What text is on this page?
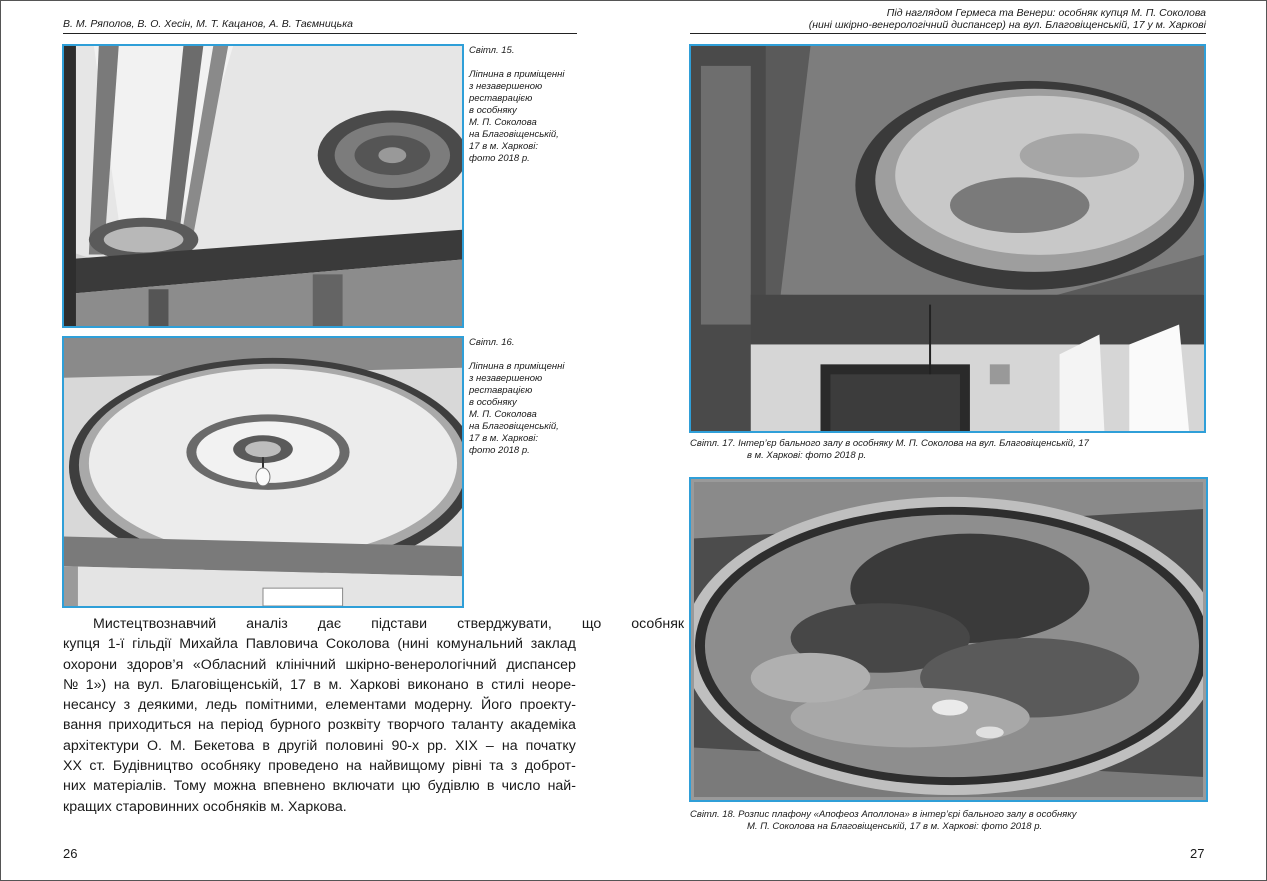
В. М. Ряполов, В. О. Хесін, М. Т. Кацанов, А. В. Таємницька
Світл. 15.
Ліпнина в приміщенні
з незавершеною
реставрацією
в особняку
М. П. Соколова
на Благовіщенській,
17 в м. Харкові:
фото 2018 р.
Світл. 16.
Ліпнина в приміщенні
з незавершеною
реставрацією
в особняку
М. П. Соколова
на Благовіщенській,
17 в м. Харкові:
фото 2018 р.
Мистецтвознавчий	аналіз	дає	підстави	стверджувати,	що	особняк
купця 1-ї гільдії Михайла Павловича Соколова (нині комунальний заклад
охорони здоров’я «Обласний клінічний шкірно-венерологічний диспансер
№ 1») на вул. Благовіщенській, 17 в м. Харкові виконано в стилі неоре-
несансу з деякими, ледь помітними, елементами модерну. Його проекту-
вання приходиться на період бурного розквіту творчого таланту академіка
архітектури О. М. Бекетова в другій половині 90-х рр. XIX – на початку
XX ст. Будівництво особняку проведено на найвищому рівні та з доброт-
них матеріалів. Тому можна впевнено включати цю будівлю в число най-
кращих старовинних особняків м. Харкова.
26
Під наглядом Гермеса та Венери: особняк купця М. П. Соколова
(нині шкірно-венерологічний диспансер) на вул. Благовіщенській, 17 у м. Харкові
Світл. 17. Інтер’єр бального залу в особняку М. П. Соколова на вул. Благовіщенській, 17
в м. Харкові: фото 2018 р.
Світл. 18. Розпис плафону «Апофеоз Аполлона» в інтер’єрі бального залу в особняку
М. П. Соколова на Благовіщенській, 17 в м. Харкові: фото 2018 р.
27
